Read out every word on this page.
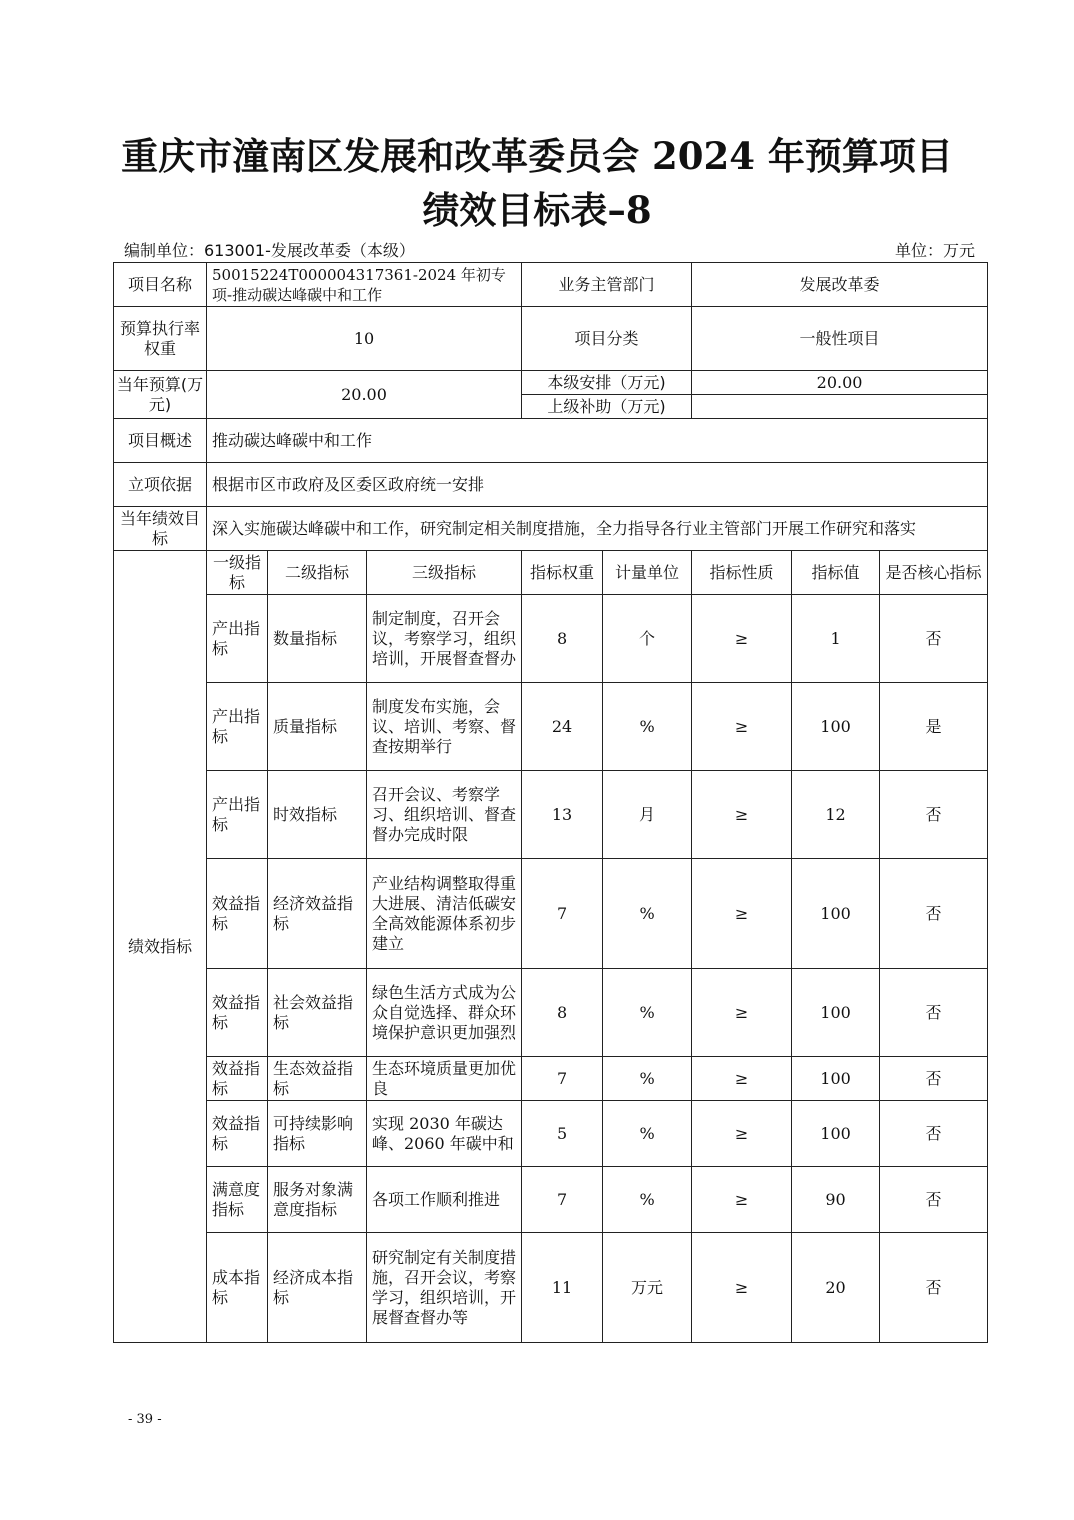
重庆市潼南区发展和改革委员会 2024 年预算项目
绩效目标表–8
编制单位：613001-发展改革委（本级）	单位：万元
项目名称	50015224T000004317361-2024 年初专项-推动碳达峰碳中和工作			业务主管部门		发展改革委		
预算执行率权重	10			项目分类		一般性项目		
当年预算(万元)	20.00			本级安排（万元)		20.00		
				上级补助（万元)				
项目概述	推动碳达峰碳中和工作							
立项依据	根据市区市政府及区委区政府统一安排							
当年绩效目标	深入实施碳达峰碳中和工作，研究制定相关制度措施，全力指导各行业主管部门开展工作研究和落实							
绩效指标	一级指标	二级指标	三级指标	指标权重	计量单位	指标性质	指标值	是否核心指标
	产出指标	数量指标	制定制度，召开会议，考察学习，组织培训，开展督查督办	8	个	≥	1	否
	产出指标	质量指标	制度发布实施，会议、培训、考察、督查按期举行	24	%	≥	100	是
	产出指标	时效指标	召开会议、考察学习、组织培训、督查督办完成时限	13	月	≥	12	否
	效益指标	经济效益指标	产业结构调整取得重大进展、清洁低碳安全高效能源体系初步建立	7	%	≥	100	否
	效益指标	社会效益指标	绿色生活方式成为公众自觉选择、群众环境保护意识更加强烈	8	%	≥	100	否
	效益指标	生态效益指标	生态环境质量更加优良	7	%	≥	100	否
	效益指标	可持续影响指标	实现 2030 年碳达峰、2060 年碳中和	5	%	≥	100	否
	满意度指标	服务对象满意度指标	各项工作顺利推进	7	%	≥	90	否
	成本指标	经济成本指标	研究制定有关制度措施，召开会议，考察学习，组织培训，开展督查督办等	11	万元	≥	20	否
- 39 -
